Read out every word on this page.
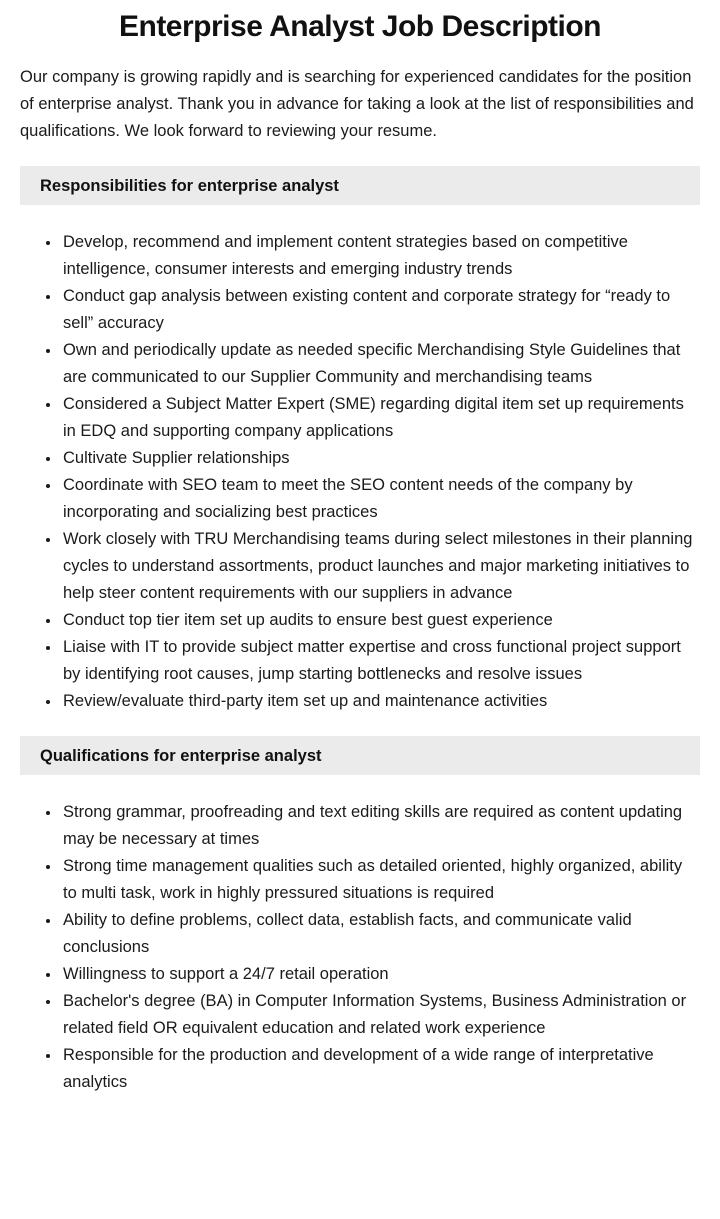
Enterprise Analyst Job Description

Our company is growing rapidly and is searching for experienced candidates for the position of enterprise analyst. Thank you in advance for taking a look at the list of responsibilities and qualifications. We look forward to reviewing your resume.

Responsibilities for enterprise analyst
• Develop, recommend and implement content strategies based on competitive intelligence, consumer interests and emerging industry trends
• Conduct gap analysis between existing content and corporate strategy for “ready to sell” accuracy
• Own and periodically update as needed specific Merchandising Style Guidelines that are communicated to our Supplier Community and merchandising teams
• Considered a Subject Matter Expert (SME) regarding digital item set up requirements in EDQ and supporting company applications
• Cultivate Supplier relationships
• Coordinate with SEO team to meet the SEO content needs of the company by incorporating and socializing best practices
• Work closely with TRU Merchandising teams during select milestones in their planning cycles to understand assortments, product launches and major marketing initiatives to help steer content requirements with our suppliers in advance
• Conduct top tier item set up audits to ensure best guest experience
• Liaise with IT to provide subject matter expertise and cross functional project support by identifying root causes, jump starting bottlenecks and resolve issues
• Review/evaluate third-party item set up and maintenance activities
Qualifications for enterprise analyst
• Strong grammar, proofreading and text editing skills are required as content updating may be necessary at times
• Strong time management qualities such as detailed oriented, highly organized, ability to multi task, work in highly pressured situations is required
• Ability to define problems, collect data, establish facts, and communicate valid conclusions
• Willingness to support a 24/7 retail operation
• Bachelor's degree (BA) in Computer Information Systems, Business Administration or related field OR equivalent education and related work experience
• Responsible for the production and development of a wide range of interpretative analytics
